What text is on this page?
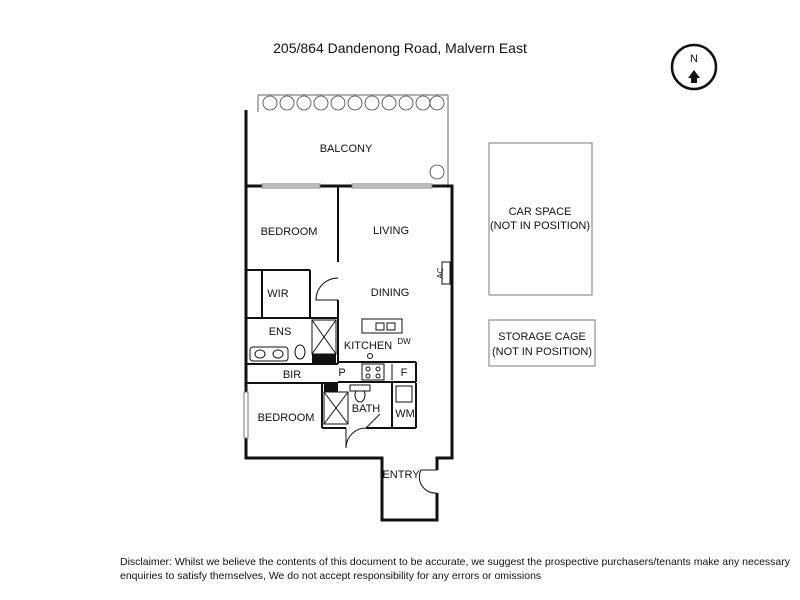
205/864 Dandenong Road, Malvern East
N
BALCONY
BEDROOM	LIVING
WIR	DINING
AC
ENS
KITCHEN DW
P	F
BIR
BATH WM
BEDROOM
ENTRY
CAR SPACE
(NOT IN POSITION)
STORAGE CAGE
(NOT IN POSITION)
Disclaimer: Whilst we believe the contents of this document to be accurate, we suggest the prospective purchasers/tenants make any necessary
enquiries to satisfy themselves, We do not accept responsibility for any errors or omissions
